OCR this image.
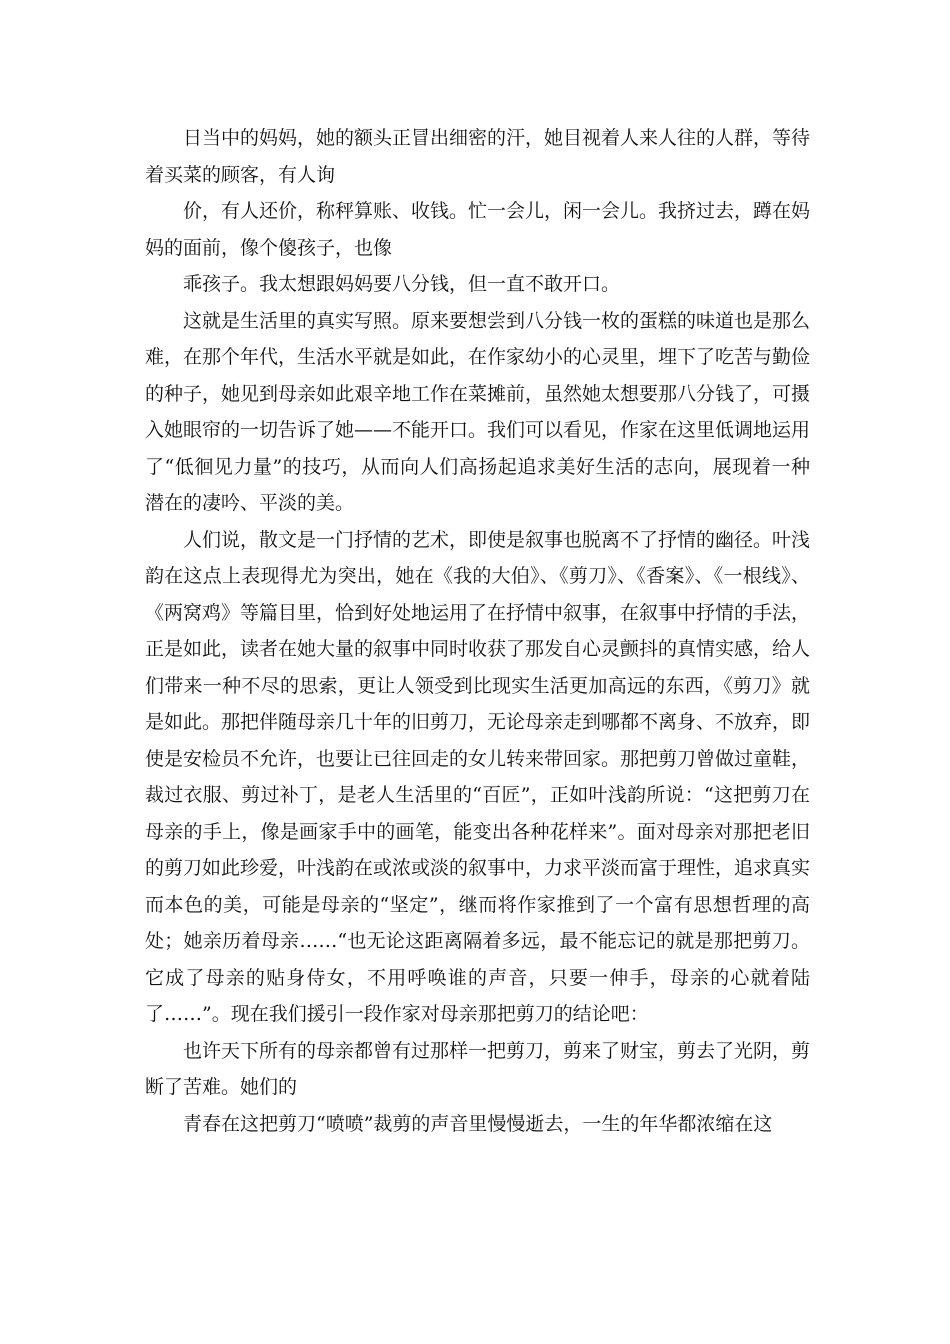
日当中的妈妈，她的额头正冒出细密的汗，她目视着人来人往的人群，等待着买菜的顾客，有人询

价，有人还价，称秤算账、收钱。忙一会儿，闲一会儿。我挤过去，蹲在妈妈的面前，像个傻孩子，也像

乖孩子。我太想跟妈妈要八分钱，但一直不敢开口。

这就是生活里的真实写照。原来要想尝到八分钱一枚的蛋糕的味道也是那么难，在那个年代，生活水平就是如此，在作家幼小的心灵里，埋下了吃苦与勤俭的种子，她见到母亲如此艰辛地工作在菜摊前，虽然她太想要那八分钱了，可摄入她眼帘的一切告诉了她——不能开口。我们可以看见，作家在这里低调地运用了“低徊见力量”的技巧，从而向人们高扬起追求美好生活的志向，展现着一种潜在的凄吟、平淡的美。

人们说，散文是一门抒情的艺术，即使是叙事也脱离不了抒情的幽径。叶浅韵在这点上表现得尤为突出，她在《我的大伯》、《剪刀》、《香案》、《一根线》、《两窝鸡》等篇目里，恰到好处地运用了在抒情中叙事，在叙事中抒情的手法，正是如此，读者在她大量的叙事中同时收获了那发自心灵颤抖的真情实感，给人们带来一种不尽的思索，更让人领受到比现实生活更加高远的东西，《剪刀》就是如此。那把伴随母亲几十年的旧剪刀，无论母亲走到哪都不离身、不放弃，即使是安检员不允许，也要让已往回走的女儿转来带回家。那把剪刀曾做过童鞋，裁过衣服、剪过补丁，是老人生活里的“百匠”，正如叶浅韵所说：“这把剪刀在母亲的手上，像是画家手中的画笔，能变出各种花样来”。面对母亲对那把老旧的剪刀如此珍爱，叶浅韵在或浓或淡的叙事中，力求平淡而富于理性，追求真实而本色的美，可能是母亲的“坚定”，继而将作家推到了一个富有思想哲理的高处；她亲历着母亲……“也无论这距离隔着多远，最不能忘记的就是那把剪刀。它成了母亲的贴身侍女，不用呼唤谁的声音，只要一伸手，母亲的心就着陆了……”。现在我们援引一段作家对母亲那把剪刀的结论吧：

也许天下所有的母亲都曾有过那样一把剪刀，剪来了财宝，剪去了光阴，剪断了苦难。她们的

青春在这把剪刀“喷喷”裁剪的声音里慢慢逝去，一生的年华都浓缩在这
